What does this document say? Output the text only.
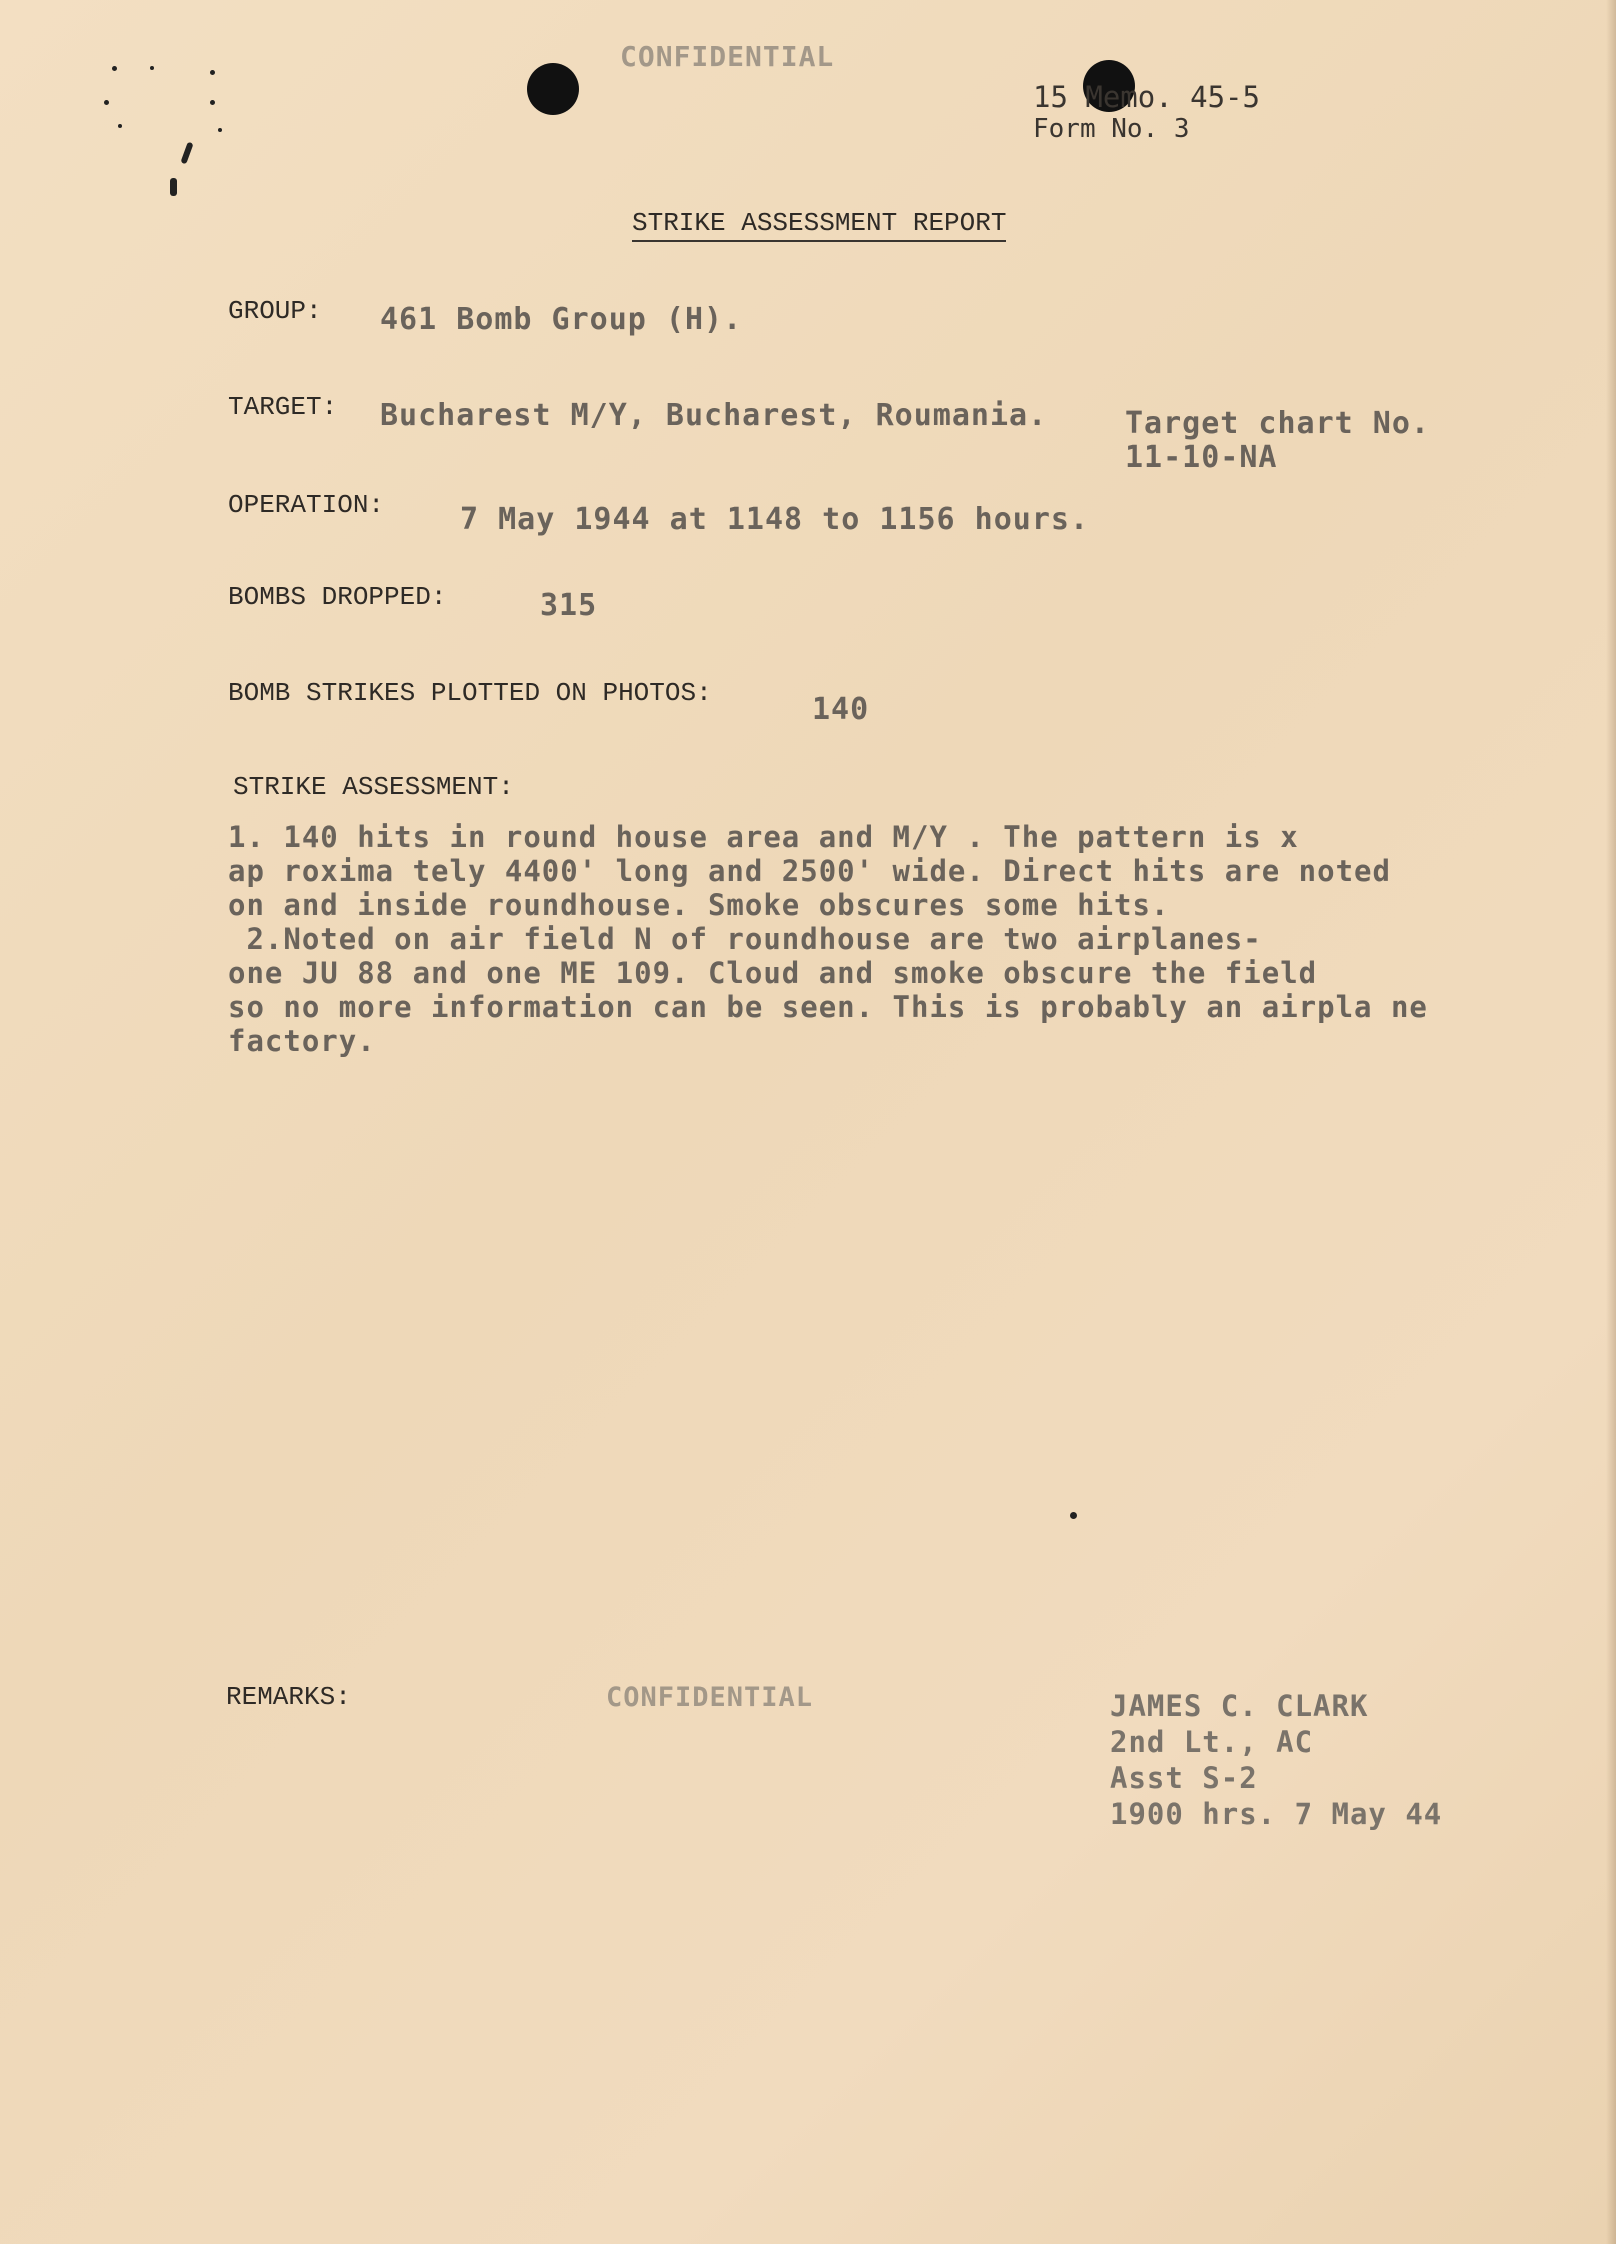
CONFIDENTIAL
15 Memo. 45-5
Form No. 3
STRIKE ASSESSMENT REPORT
GROUP: 461 Bomb Group (H).
TARGET: Bucharest M/Y, Bucharest, Roumania.	Target chart No.
11-10-NA
OPERATION:	7 May 1944 at 1148 to 1156 hours.
BOMBS DROPPED:	315
BOMB STRIKES PLOTTED ON PHOTOS:	140
STRIKE ASSESSMENT:
1. 140 hits in round house area and M/Y . The pattern is x
ap roxima tely 4400' long and 2500' wide. Direct hits are noted
on and inside roundhouse. Smoke obscures some hits.
2.Noted on air field N of roundhouse are two airplanes-
one JU 88 and one ME 109. Cloud and smoke obscure the field
so no more information can be seen. This is probably an airpla ne
factory.
REMARKS:	CONFIDENTIAL	JAMES C. CLARK
2nd Lt., AC
Asst S-2
1900 hrs. 7 May 44
